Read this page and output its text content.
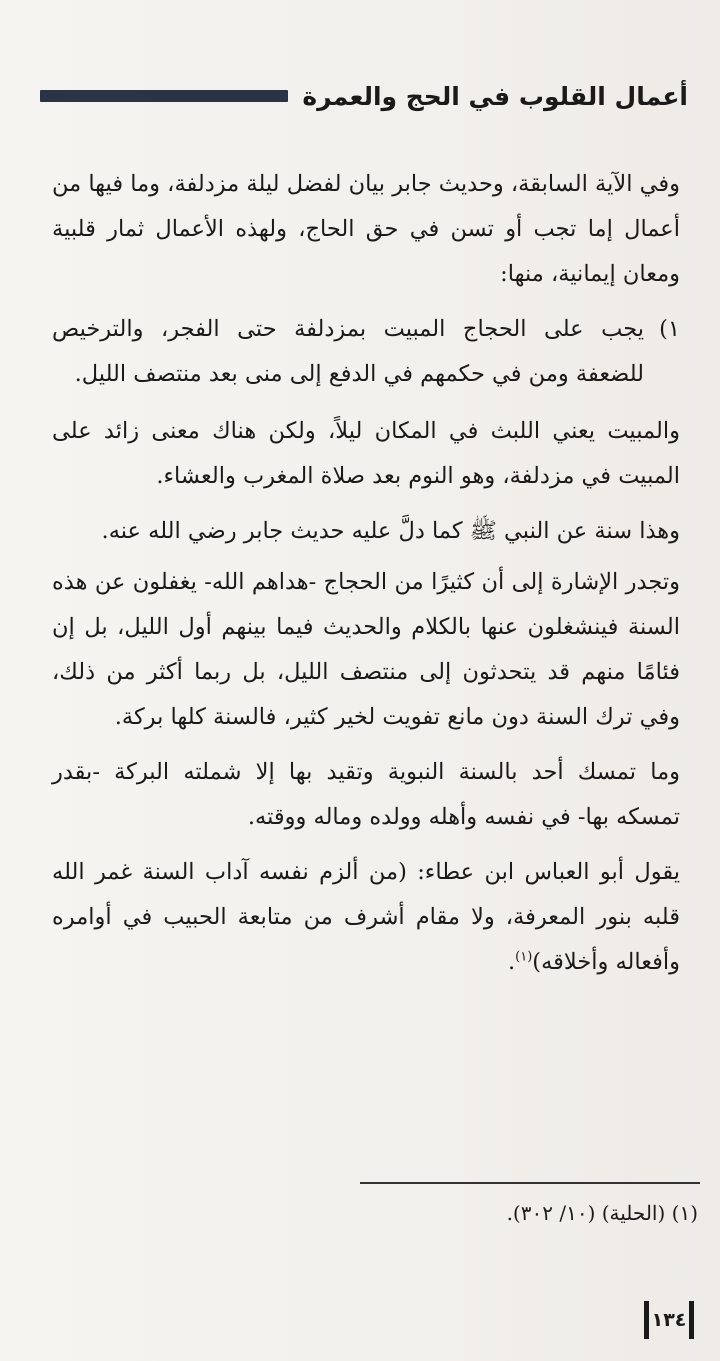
أعمال القلوب في الحج والعمرة

وفي الآية السابقة، وحديث جابر بيان لفضل ليلة مزدلفة، وما فيها من أعمال إما تجب أو تسن في حق الحاج، ولهذه الأعمال ثمار قلبية ومعان إيمانية، منها:

١)
يجب على الحجاج المبيت بمزدلفة حتى الفجر، والترخيص للضعفة ومن في حكمهم في الدفع إلى منى بعد منتصف الليل.

والمبيت يعني اللبث في المكان ليلاً، ولكن هناك معنى زائد على المبيت في مزدلفة، وهو النوم بعد صلاة المغرب والعشاء.

وهذا سنة عن النبي ﷺ كما دلَّ عليه حديث جابر رضي الله عنه.

وتجدر الإشارة إلى أن كثيرًا من الحجاج -هداهم الله- يغفلون عن هذه السنة فينشغلون عنها بالكلام والحديث فيما بينهم أول الليل، بل إن فئامًا منهم قد يتحدثون إلى منتصف الليل، بل ربما أكثر من ذلك، وفي ترك السنة دون مانع تفويت لخير كثير، فالسنة كلها بركة.

وما تمسك أحد بالسنة النبوية وتقيد بها إلا شملته البركة -بقدر تمسكه بها- في نفسه وأهله وولده وماله ووقته.

يقول أبو العباس ابن عطاء: (من ألزم نفسه آداب السنة غمر الله قلبه بنور المعرفة، ولا مقام أشرف من متابعة الحبيب في أوامره وأفعاله وأخلاقه)$^{(١)}$.

(١) (الحلية) (١٠/ ٣٠٢).
١٣٤
